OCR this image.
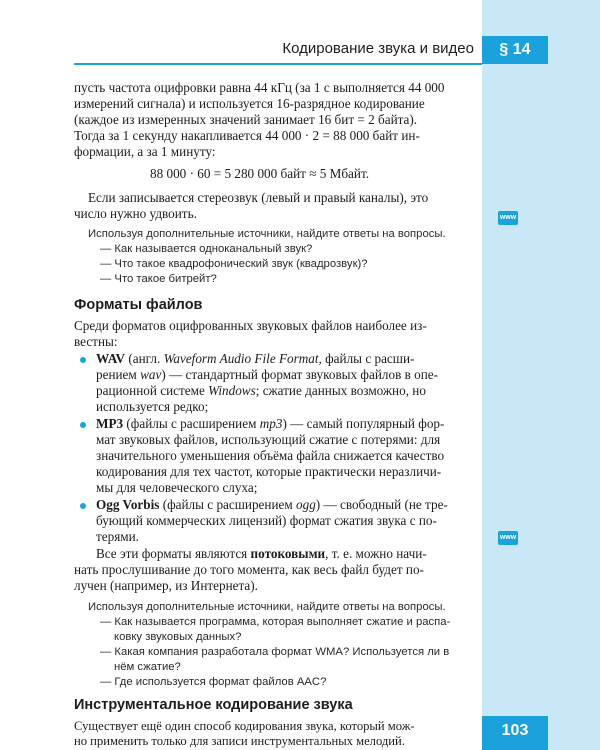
Кодирование звука и видео	§ 14
пусть частота оцифровки равна 44 кГц (за 1 с выполняется 44 000
измерений сигнала) и используется 16-разрядное кодирование
(каждое из измеренных значений занимает 16 бит = 2 байта).
Тогда за 1 секунду накапливается 44 000 · 2 = 88 000 байт ин-
формации, а за 1 минуту:
88 000 · 60 = 5 280 000 байт ≈ 5 Мбайт.
Если записывается стереозвук (левый и правый каналы), это
число нужно удвоить.
Используя дополнительные источники, найдите ответы на вопросы.
— Как называется одноканальный звук?
— Что такое квадрофонический звук (квадрозвук)?
— Что такое битрейт?
www
Форматы файлов
Среди форматов оцифрованных звуковых файлов наиболее из-
вестны:
WAV (англ. Waveform Audio File Format, файлы с расши-
рением wav) — стандартный формат звуковых файлов в опе-
рационной системе Windows; сжатие данных возможно, но
используется редко;
MP3 (файлы с расширением mp3) — самый популярный фор-
мат звуковых файлов, использующий сжатие с потерями: для
значительного уменьшения объёма файла снижается качество
кодирования для тех частот, которые практически неразличи-
мы для человеческого слуха;
Ogg Vorbis (файлы с расширением ogg) — свободный (не тре-
бующий коммерческих лицензий) формат сжатия звука с по-
терями.
Все эти форматы являются потоковыми, т. е. можно начи-
нать прослушивание до того момента, как весь файл будет по-
лучен (например, из Интернета).
www
Используя дополнительные источники, найдите ответы на вопросы.
— Как называется программа, которая выполняет сжатие и распа-
ковку звуковых данных?
— Какая компания разработала формат WMA? Используется ли в
нём сжатие?
— Где используется формат файлов AAC?
Инструментальное кодирование звука
Существует ещё один способ кодирования звука, который мож-
но применить только для записи инструментальных мелодий.
103
